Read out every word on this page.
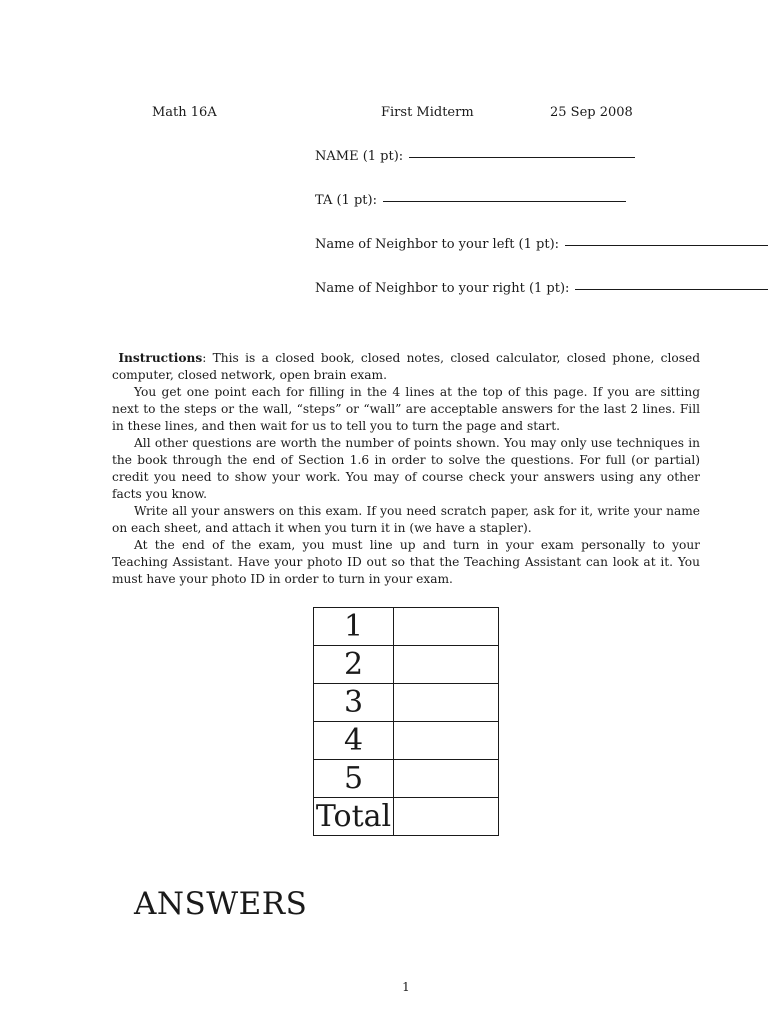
Math 16A	First Midterm	25 Sep 2008
NAME (1 pt):
TA (1 pt):
Name of Neighbor to your left (1 pt):
Name of Neighbor to your right (1 pt):

Instructions: This is a closed book, closed notes, closed calculator, closed phone, closed computer, closed network, open brain exam.

You get one point each for filling in the 4 lines at the top of this page. If you are sitting next to the steps or the wall, “steps” or “wall” are acceptable answers for the last 2 lines. Fill in these lines, and then wait for us to tell you to turn the page and start.

All other questions are worth the number of points shown. You may only use techniques in the book through the end of Section 1.6 in order to solve the questions. For full (or partial) credit you need to show your work. You may of course check your answers using any other facts you know.

Write all your answers on this exam. If you need scratch paper, ask for it, write your name on each sheet, and attach it when you turn it in (we have a stapler).

At the end of the exam, you must line up and turn in your exam personally to your Teaching Assistant. Have your photo ID out so that the Teaching Assistant can look at it. You must have your photo ID in order to turn in your exam.

1	
2	
3	
4	
5	
Total	
ANSWERS
1
